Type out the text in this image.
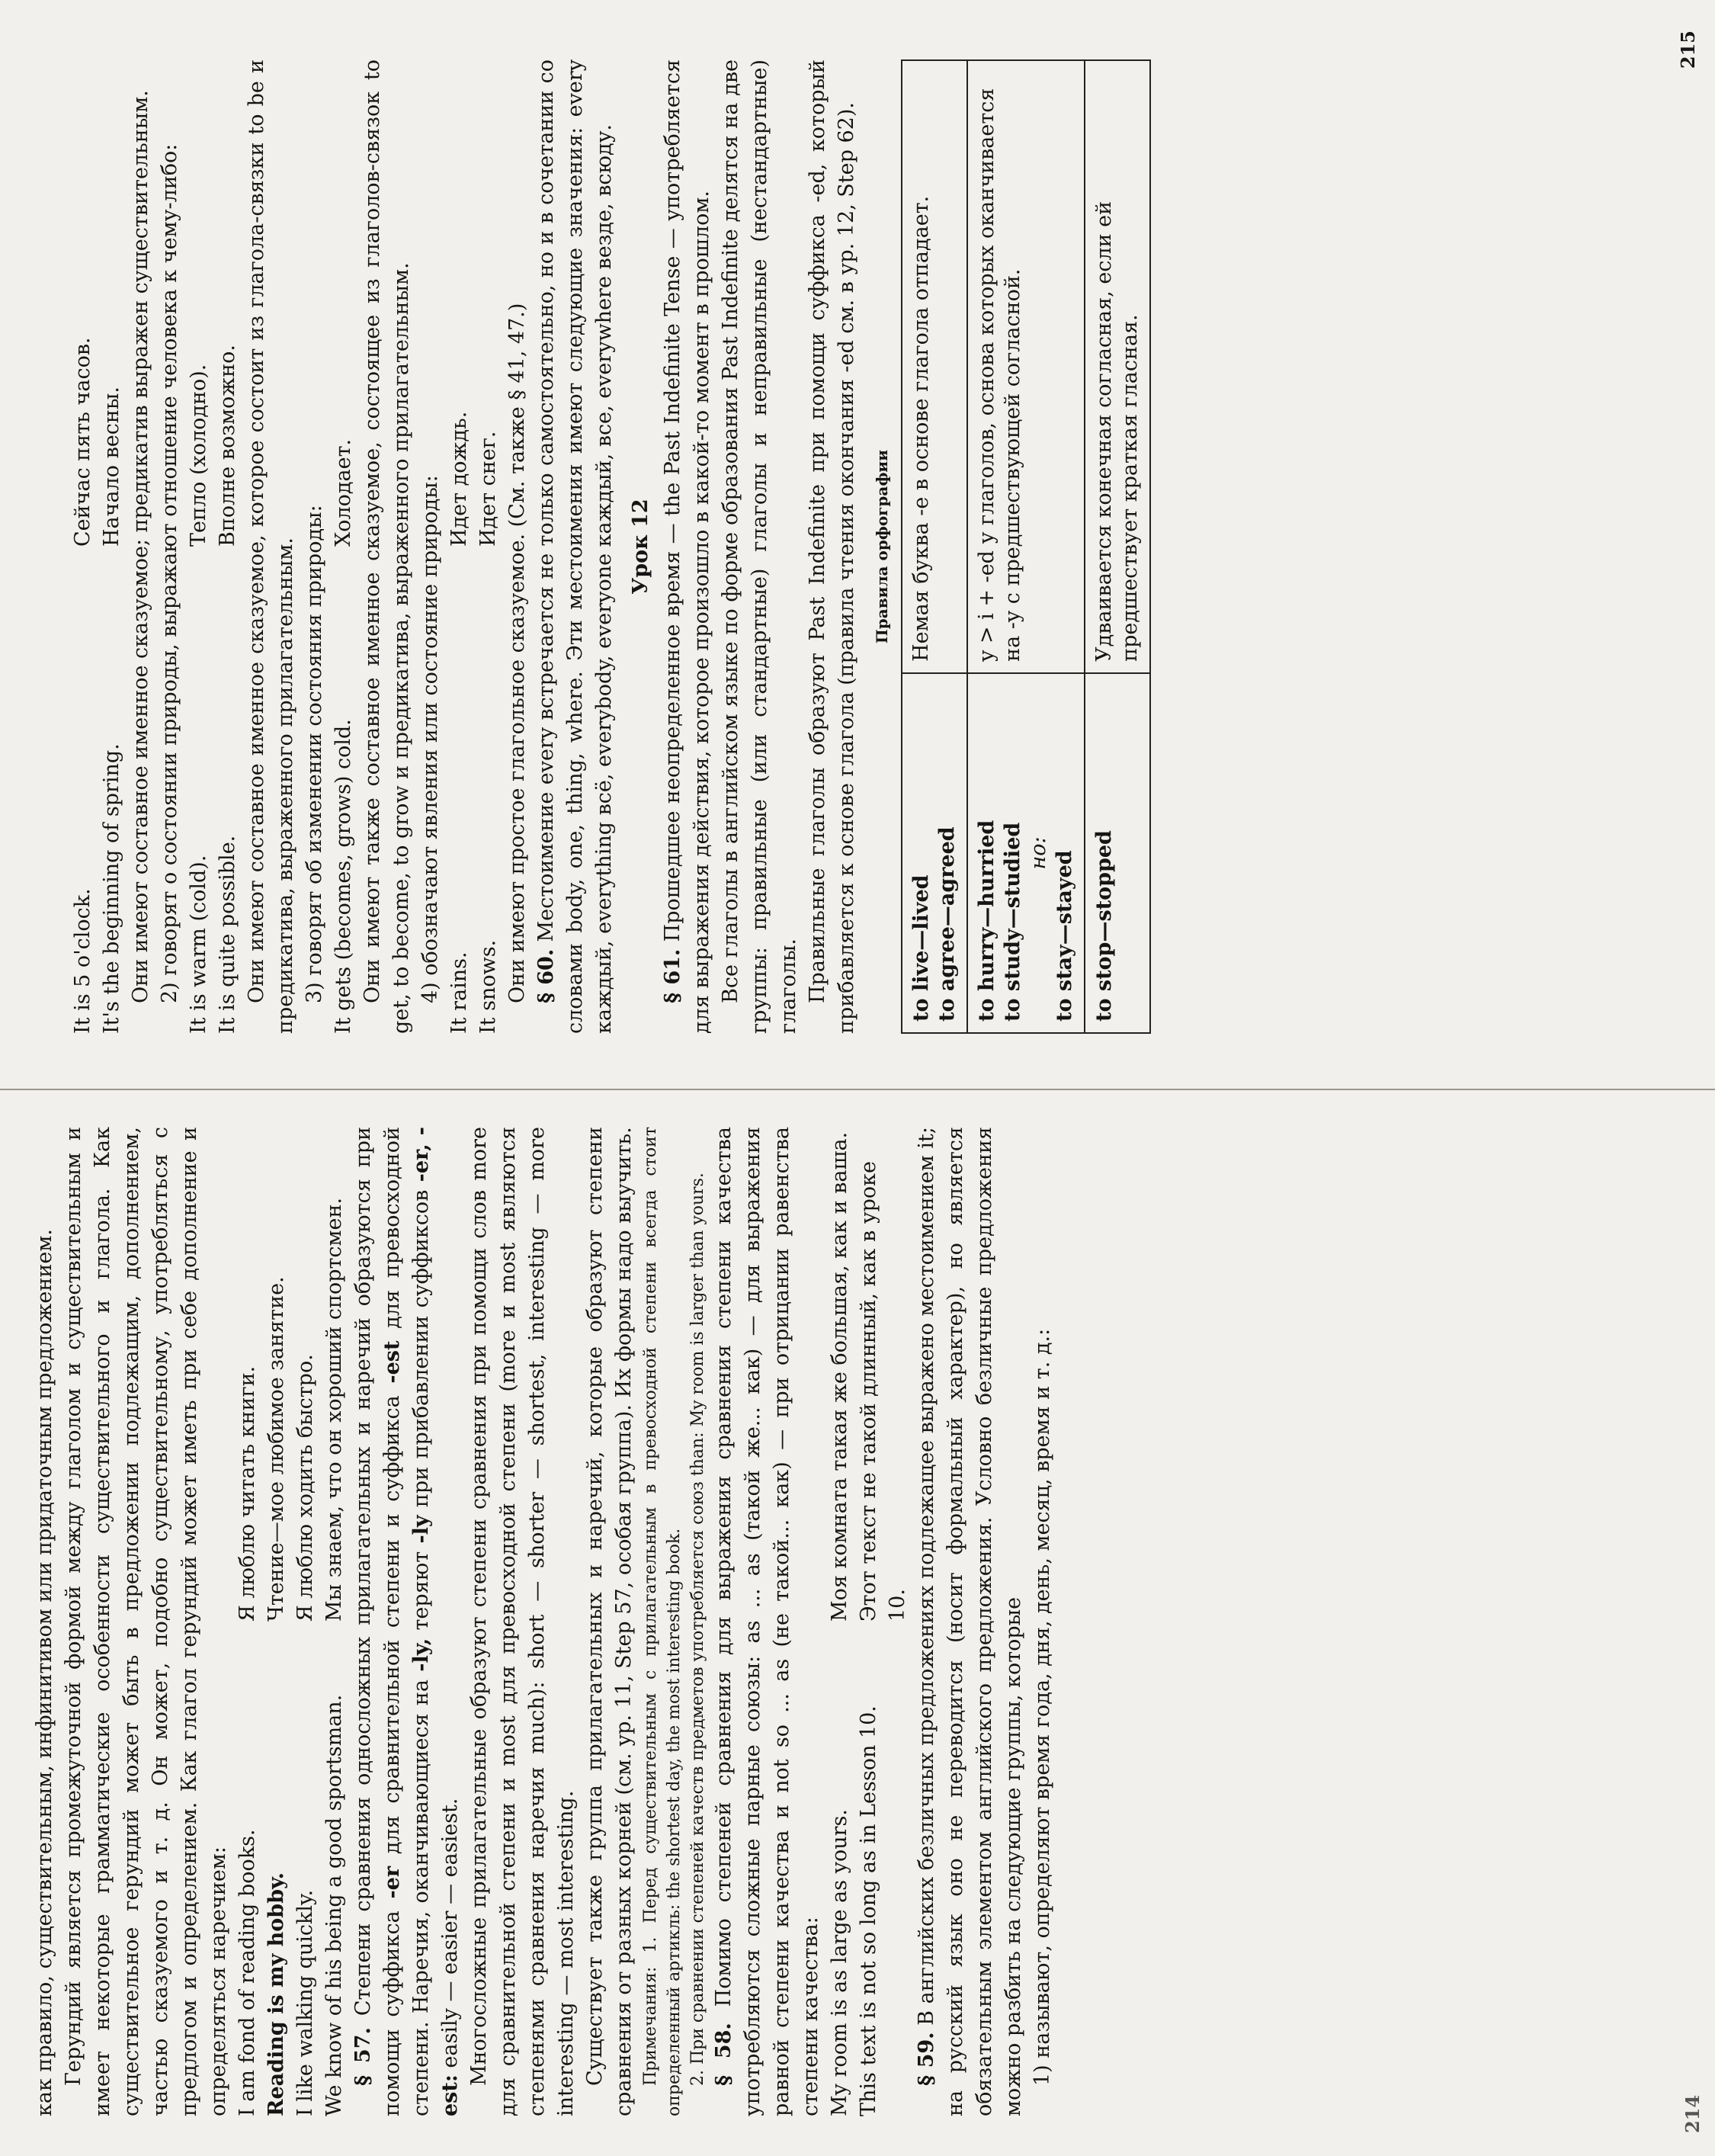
как правило, существительным, инфинитивом или придаточным предложением. Герундий является промежуточной формой между глаголом и существительным и имеет некоторые грамматические особенности существительного и глагола. Как существительное герундий может быть в предложении подлежащим, дополнением, частью сказуемого и т. д. Он может, подобно существительному, употребляться с предлогом и определением. Как глагол герундий может иметь при себе дополнение и определяться наречием: I am fond of reading books.
Я люблю читать книги.
Reading is my hobby.
Чтение—мое любимое занятие.
I like walking quickly.
Я люблю ходить быстро.
We know of his being a good sportsman.
Мы знаем, что он хороший спортсмен.

§ 57. Степени сравнения односложных прилагательных и наречий образуются при помощи суффикса -er для сравнительной степени и суффикса -est для превосходной степени. Наречия, оканчивающиеся на -ly, теряют -ly при прибавлении суффиксов -er, -est: easily — easier — easiest. Многосложные прилагательные образуют степени сравнения при помощи слов more для сравнительной степени и most для превосходной степени (more и most являются степенями сравнения наречия much): short — shorter — shortest, interesting — more interesting — most interesting. Существует также группа прилагательных и наречий, которые образуют степени сравнения от разных корней (см. ур. 11, Step 57, особая группа). Их формы надо выучить. Примечания: 1. Перед существительным с прилагательным в превосходной степени всегда стоит определенный артикль: the shortest day, the most interesting book. 2. При сравнении степеней качеств предметов употребляется союз than: My room is larger than yours. § 58. Помимо степеней сравнения для выражения сравнения степени качества употребляются сложные парные союзы: as ... as (такой же... как) — для выражения равной степени качества и not so ... as (не такой... как) — при отрицании равенства степени качества: My room is as large as yours.
Моя комната такая же большая, как и ваша.
This text is not so long as in Lesson 10.
Этот текст не такой длинный, как в уроке 10.

§ 59. В английских безличных предложениях подлежащее выражено местоимением it; на русский язык оно не переводится (носит формальный характер), но является обязательным элементом английского предложения. Условно безличные предложения можно разбить на следующие группы, которые 1) называют, определяют время года, дня, день, месяц, время и т. д.:

214
It is 5 o'clock.
Сейчас пять часов.
It's the beginning of spring.
Начало весны. Они имеют составное именное сказуемое; предикатив выражен существительным. 2) говорят о состоянии природы, выражают отношение человека к чему-либо: It is warm (cold).
Тепло (холодно).
It is quite possible.
Вполне возможно. Они имеют составное именное сказуемое, которое состоит из глагола-связки to be и предикатива, выраженного прилагательным. 3) говорят об изменении состояния природы: It gets (becomes, grows) cold.
Холодает. Они имеют также составное именное сказуемое, состоящее из глаголов-связок to get, to become, to grow и предикатива, выраженного прилагательным. 4) обозначают явления или состояние природы: It rains.
Идет дождь.
It snows.
Идет снег. Они имеют простое глагольное сказуемое. (См. также § 41, 47.) § 60. Местоимение every встречается не только самостоятельно, но и в сочетании со словами body, one, thing, where. Эти местоимения имеют следующие значения: every каждый, everything всё, everybody, everyone каждый, все, everywhere везде, всюду. Урок 12

§ 61. Прошедшее неопределенное время — the Past Indefinite Tense — употребляется для выражения действия, которое произошло в какой-то момент в прошлом. Все глаголы в английском языке по форме образования Past Indefinite делятся на две группы: правильные (или стандартные) глаголы и неправильные (нестандартные) глаголы. Правильные глаголы образуют Past Indefinite при помощи суффикса -ed, который прибавляется к основе глагола (правила чтения окончания -ed см. в ур. 12, Step 62). Правила орфографии

to live—lived to agree—agreed	Немая буква -e в основе глагола отпадает.

to hurry—hurried to study—studied но: to stay—stayed	y > i + -ed у глаголов, основа которых оканчивается на -y с предшествующей согласной.

to stop—stopped	Удваивается конечная согласная, если ей предшествует краткая гласная.
215
